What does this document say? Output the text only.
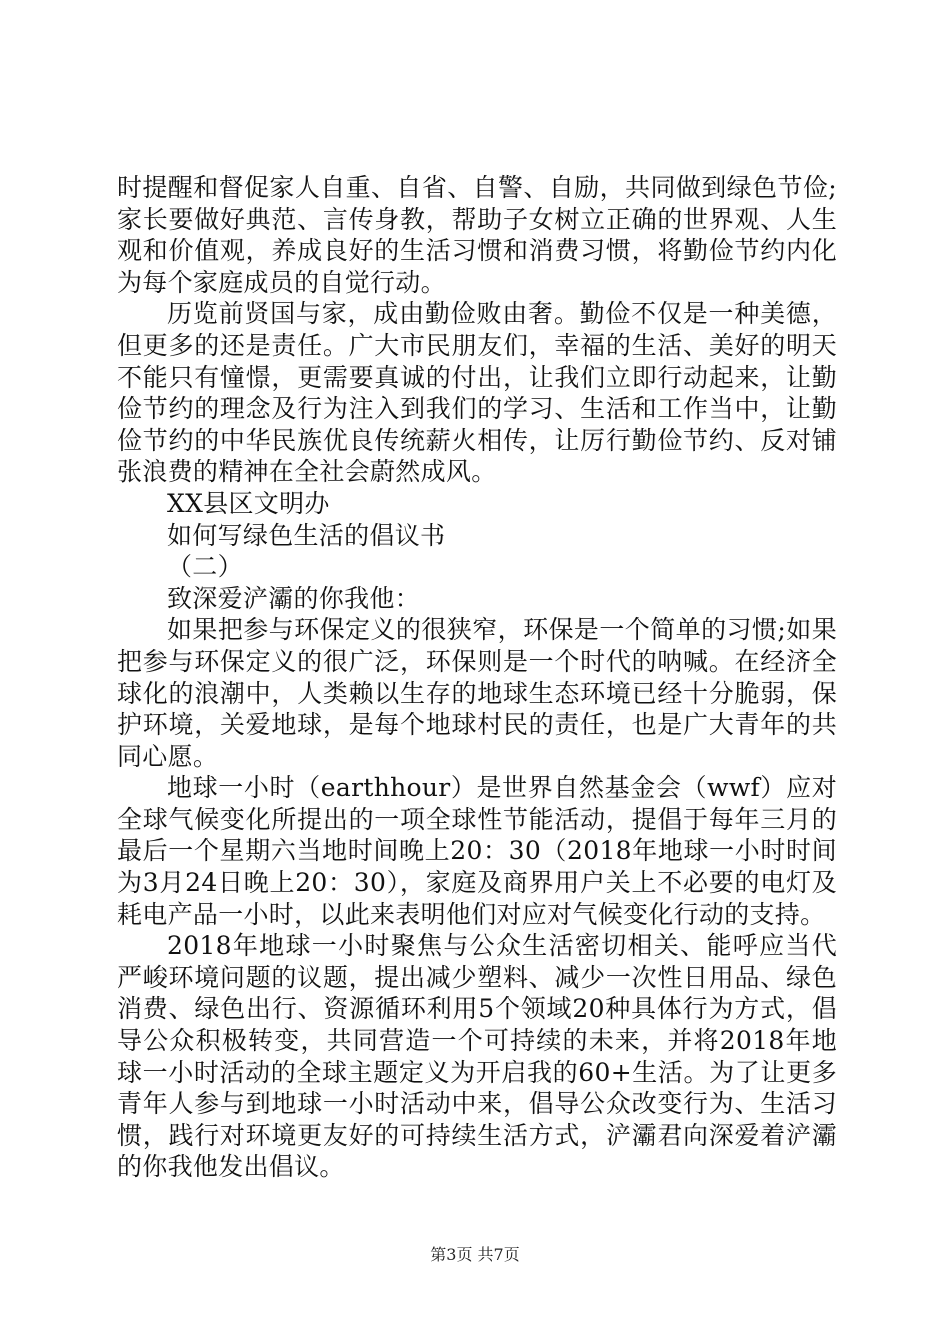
时提醒和督促家人自重、自省、自警、自励，共同做到绿色节俭;家长要做好典范、言传身教，帮助子女树立正确的世界观、人生观和价值观，养成良好的生活习惯和消费习惯，将勤俭节约内化为每个家庭成员的自觉行动。

历览前贤国与家，成由勤俭败由奢。勤俭不仅是一种美德，但更多的还是责任。广大市民朋友们，幸福的生活、美好的明天不能只有憧憬，更需要真诚的付出，让我们立即行动起来，让勤俭节约的理念及行为注入到我们的学习、生活和工作当中，让勤俭节约的中华民族优良传统薪火相传，让厉行勤俭节约、反对铺张浪费的精神在全社会蔚然成风。

XX县区文明办

如何写绿色生活的倡议书

（二）

致深爱浐灞的你我他：

如果把参与环保定义的很狭窄，环保是一个简单的习惯;如果把参与环保定义的很广泛，环保则是一个时代的呐喊。在经济全球化的浪潮中，人类赖以生存的地球生态环境已经十分脆弱，保护环境，关爱地球，是每个地球村民的责任，也是广大青年的共同心愿。

地球一小时（earthhour）是世界自然基金会（wwf）应对全球气候变化所提出的一项全球性节能活动，提倡于每年三月的最后一个星期六当地时间晚上20：30（2018年地球一小时时间为3月24日晚上20：30），家庭及商界用户关上不必要的电灯及耗电产品一小时，以此来表明他们对应对气候变化行动的支持。

2018年地球一小时聚焦与公众生活密切相关、能呼应当代严峻环境问题的议题，提出减少塑料、减少一次性日用品、绿色消费、绿色出行、资源循环利用5个领域20种具体行为方式，倡导公众积极转变，共同营造一个可持续的未来，并将2018年地球一小时活动的全球主题定义为开启我的60+生活。为了让更多青年人参与到地球一小时活动中来，倡导公众改变行为、生活习惯，践行对环境更友好的可持续生活方式，浐灞君向深爱着浐灞的你我他发出倡议。

第3页 共7页
